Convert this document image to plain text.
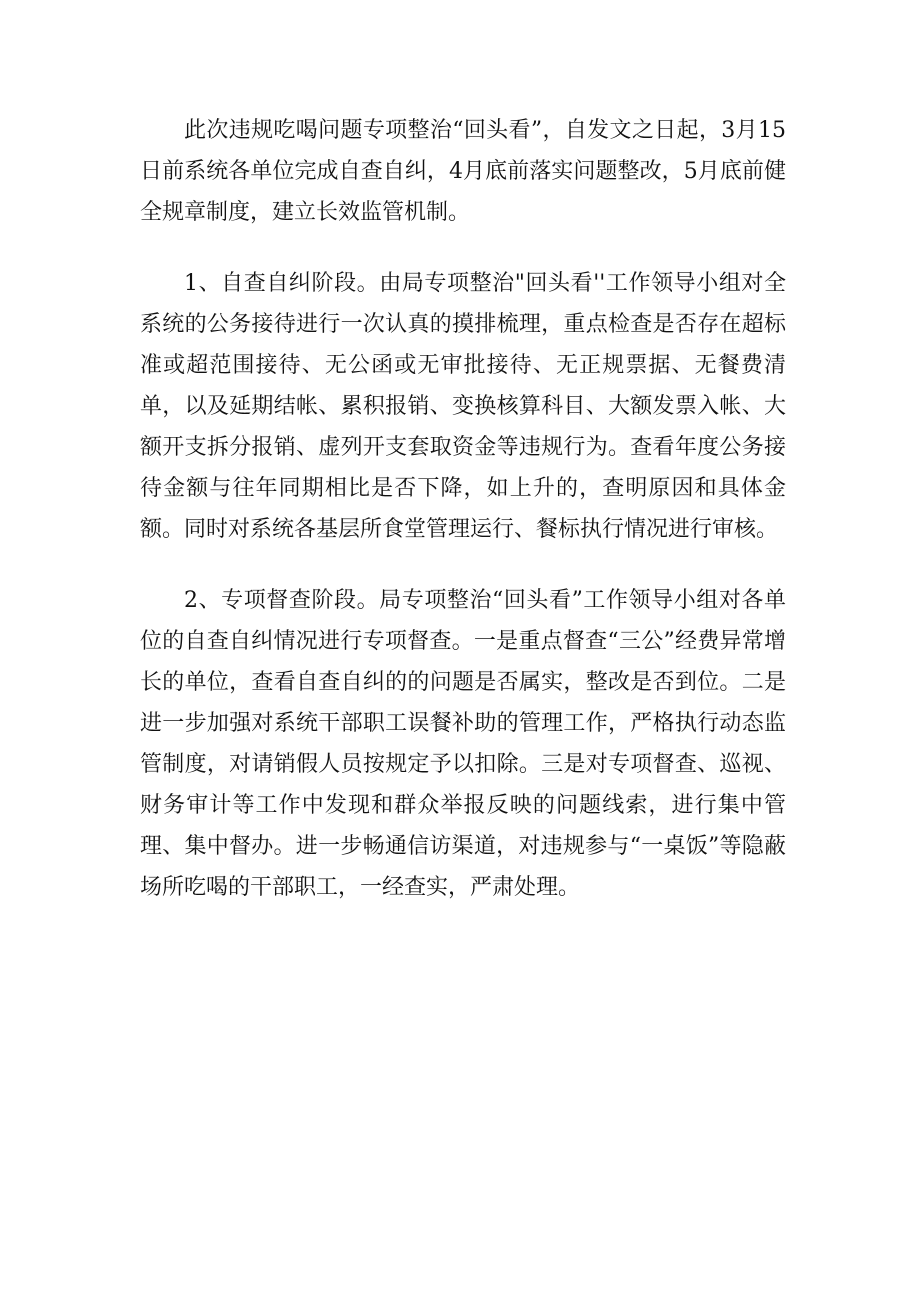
此次违规吃喝问题专项整治“回头看”，自发文之日起，3月15日前系统各单位完成自查自纠，4月底前落实问题整改，5月底前健全规章制度，建立长效监管机制。

1、自查自纠阶段。由局专项整治"回头看''工作领导小组对全系统的公务接待进行一次认真的摸排梳理，重点检查是否存在超标准或超范围接待、无公函或无审批接待、无正规票据、无餐费清单，以及延期结帐、累积报销、变换核算科目、大额发票入帐、大额开支拆分报销、虚列开支套取资金等违规行为。查看年度公务接待金额与往年同期相比是否下降，如上升的，查明原因和具体金额。同时对系统各基层所食堂管理运行、餐标执行情况进行审核。

2、专项督查阶段。局专项整治“回头看”工作领导小组对各单位的自查自纠情况进行专项督查。一是重点督查“三公”经费异常增长的单位，查看自查自纠的的问题是否属实，整改是否到位。二是进一步加强对系统干部职工误餐补助的管理工作，严格执行动态监管制度，对请销假人员按规定予以扣除。三是对专项督查、巡视、财务审计等工作中发现和群众举报反映的问题线索，进行集中管理、集中督办。进一步畅通信访渠道，对违规参与“一桌饭”等隐蔽场所吃喝的干部职工，一经查实，严肃处理。
